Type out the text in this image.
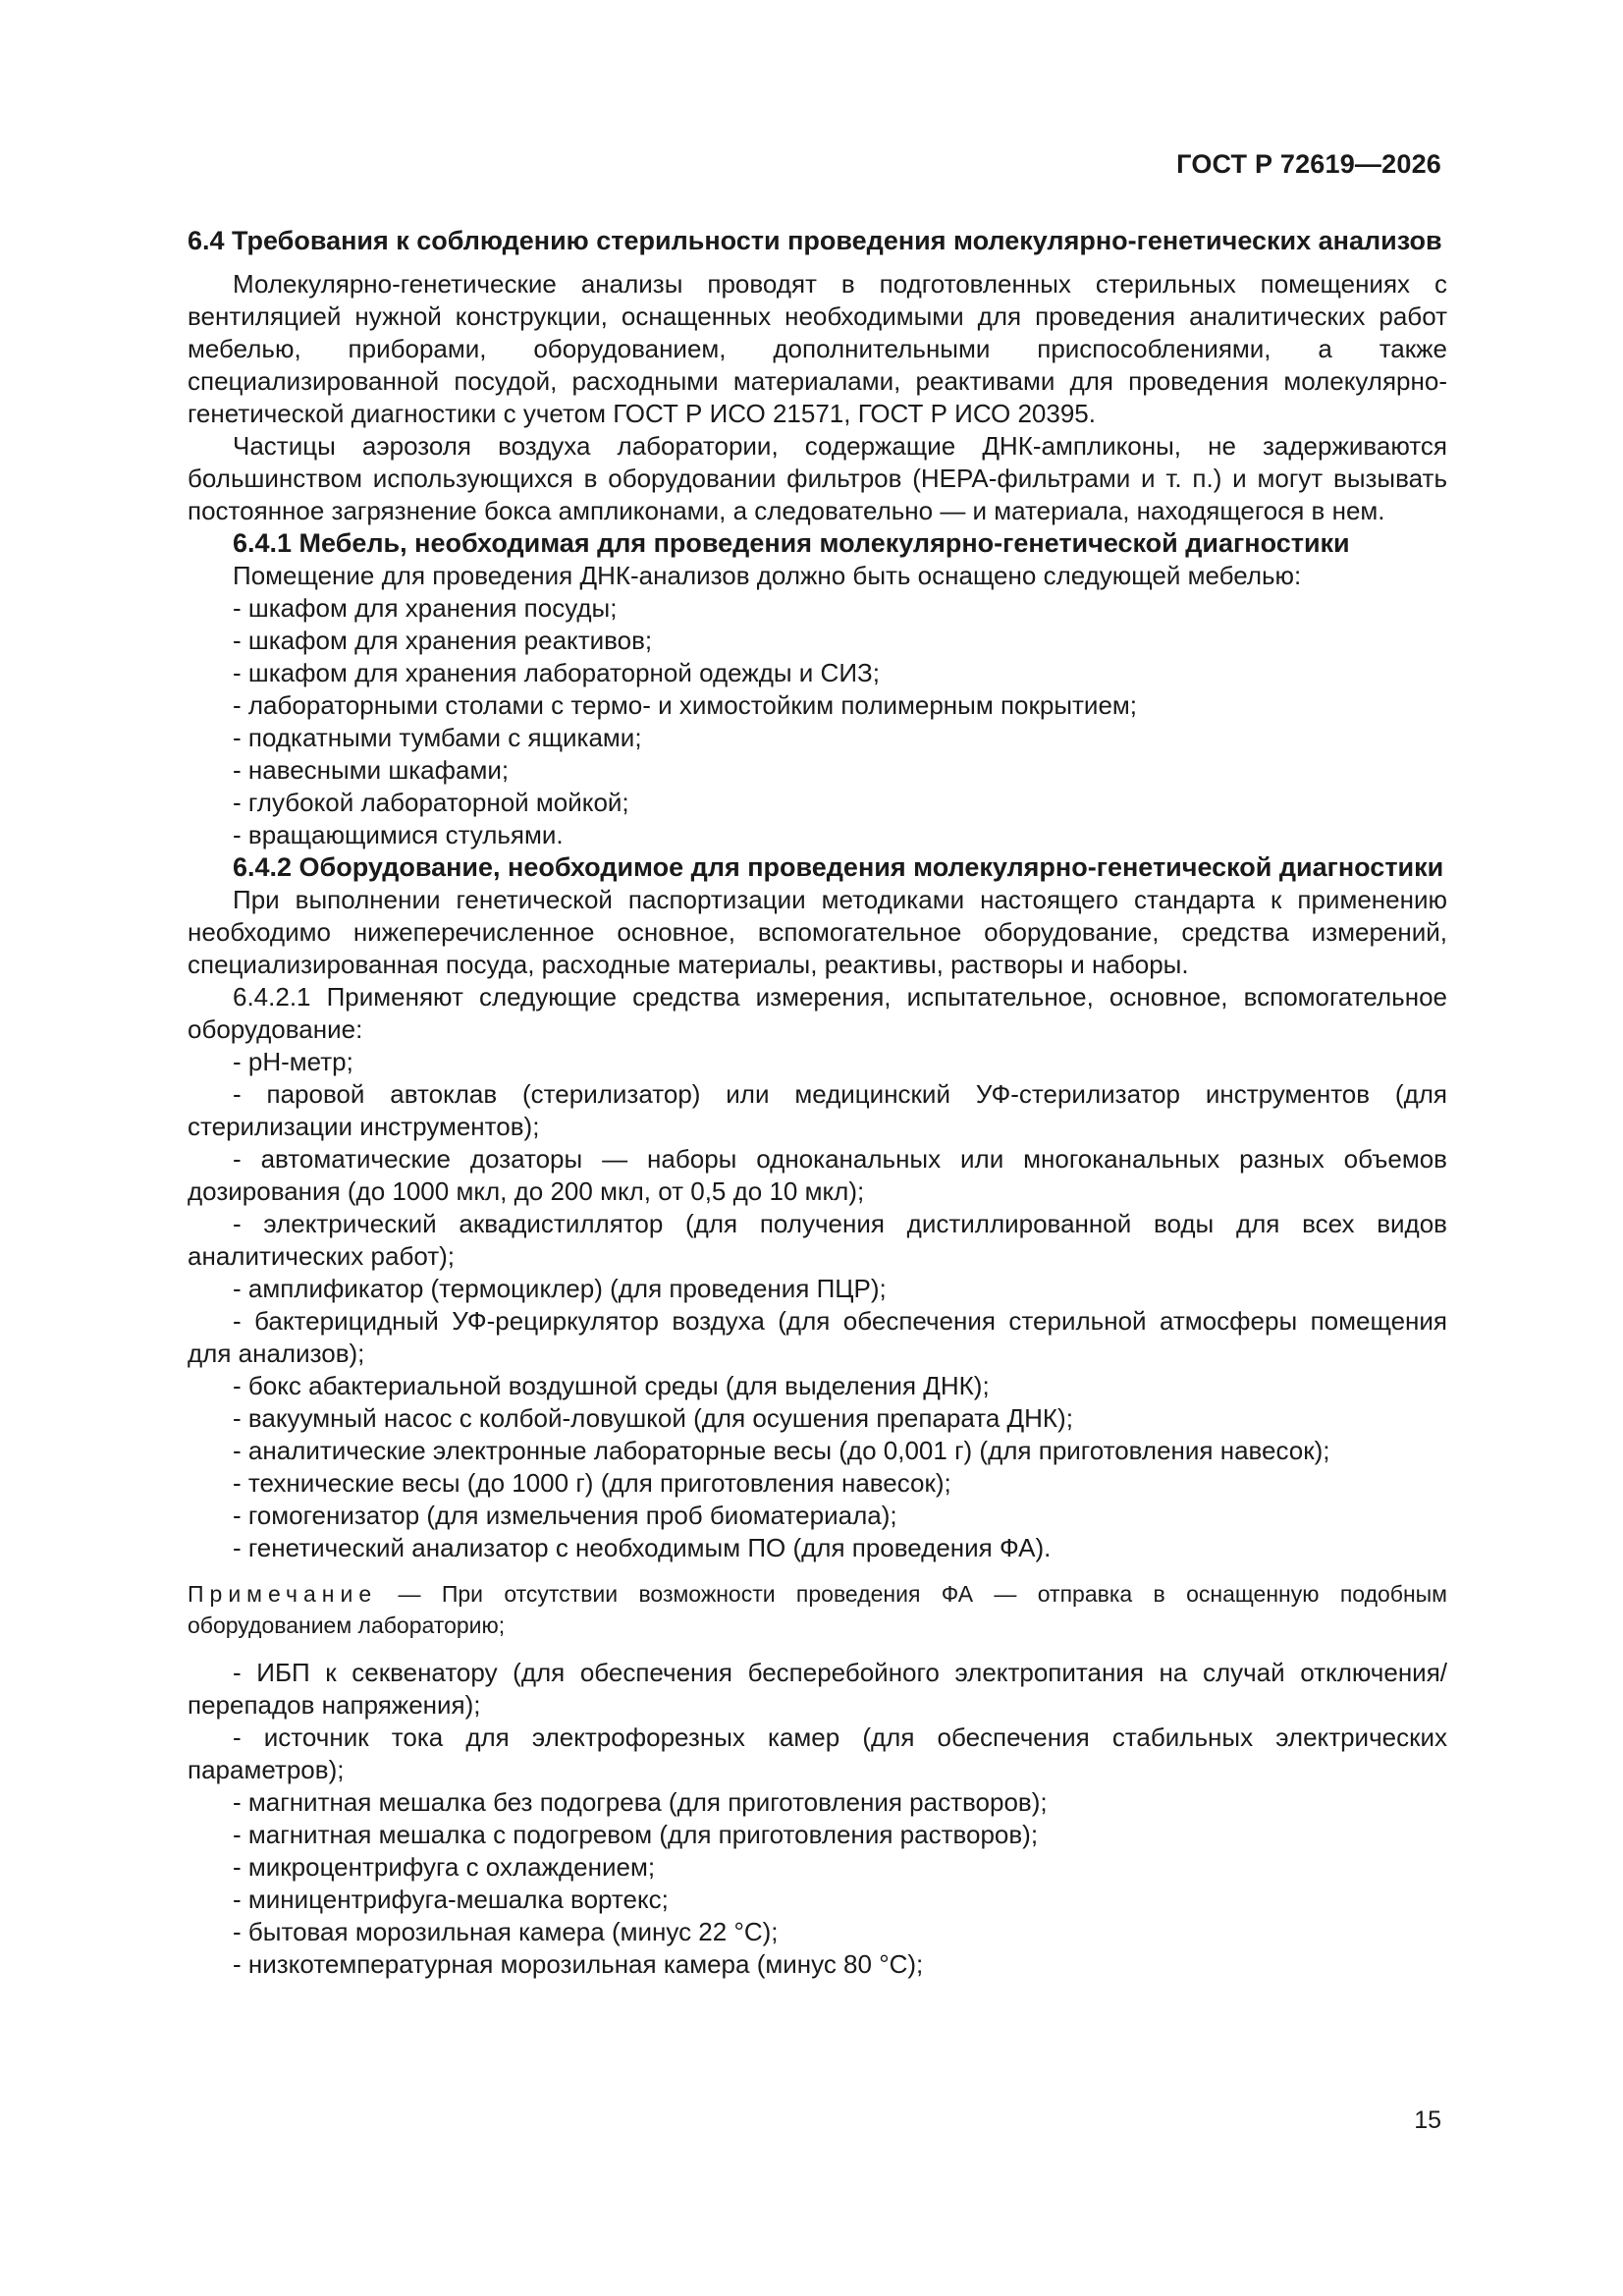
ГОСТ Р 72619—2026

6.4 Требования к соблюдению стерильности проведения молекулярно-генетических анализов

Молекулярно-генетические анализы проводят в подготовленных стерильных помещениях с вентиляцией нужной конструкции, оснащенных необходимыми для проведения аналитических работ мебелью, приборами, оборудованием, дополнительными приспособлениями, а также специализированной посудой, расходными материалами, реактивами для проведения молекулярно-генетической диагностики с учетом ГОСТ Р ИСО 21571, ГОСТ Р ИСО 20395.

Частицы аэрозоля воздуха лаборатории, содержащие ДНК-ампликоны, не задерживаются большинством использующихся в оборудовании фильтров (HEPA-фильтрами и т. п.) и могут вызывать постоянное загрязнение бокса ампликонами, а следовательно — и материала, находящегося в нем.

6.4.1 Мебель, необходимая для проведения молекулярно-генетической диагностики

Помещение для проведения ДНК-анализов должно быть оснащено следующей мебелью:

- шкафом для хранения посуды;

- шкафом для хранения реактивов;

- шкафом для хранения лабораторной одежды и СИЗ;

- лабораторными столами с термо- и химостойким полимерным покрытием;

- подкатными тумбами с ящиками;

- навесными шкафами;

- глубокой лабораторной мойкой;

- вращающимися стульями.

6.4.2 Оборудование, необходимое для проведения молекулярно-генетической диагностики

При выполнении генетической паспортизации методиками настоящего стандарта к применению необходимо нижеперечисленное основное, вспомогательное оборудование, средства измерений, специализированная посуда, расходные материалы, реактивы, растворы и наборы.

6.4.2.1 Применяют следующие средства измерения, испытательное, основное, вспомогательное оборудование:

- pH-метр;

- паровой автоклав (стерилизатор) или медицинский УФ-стерилизатор инструментов (для стерилизации инструментов);

- автоматические дозаторы — наборы одноканальных или многоканальных разных объемов дозирования (до 1000 мкл, до 200 мкл, от 0,5 до 10 мкл);

- электрический аквадистиллятор (для получения дистиллированной воды для всех видов аналитических работ);

- амплификатор (термоциклер) (для проведения ПЦР);

- бактерицидный УФ-рециркулятор воздуха (для обеспечения стерильной атмосферы помещения для анализов);

- бокс абактериальной воздушной среды (для выделения ДНК);

- вакуумный насос с колбой-ловушкой (для осушения препарата ДНК);

- аналитические электронные лабораторные весы (до 0,001 г) (для приготовления навесок);

- технические весы (до 1000 г) (для приготовления навесок);

- гомогенизатор (для измельчения проб биоматериала);

- генетический анализатор с необходимым ПО (для проведения ФА).

Примечание — При отсутствии возможности проведения ФА — отправка в оснащенную подобным оборудованием лабораторию;

- ИБП к секвенатору (для обеспечения бесперебойного электропитания на случай отключения/перепадов напряжения);

- источник тока для электрофорезных камер (для обеспечения стабильных электрических параметров);

- магнитная мешалка без подогрева (для приготовления растворов);

- магнитная мешалка с подогревом (для приготовления растворов);

- микроцентрифуга с охлаждением;

- миницентрифуга-мешалка вортекс;

- бытовая морозильная камера (минус 22 °С);

- низкотемпературная морозильная камера (минус 80 °С);

15
